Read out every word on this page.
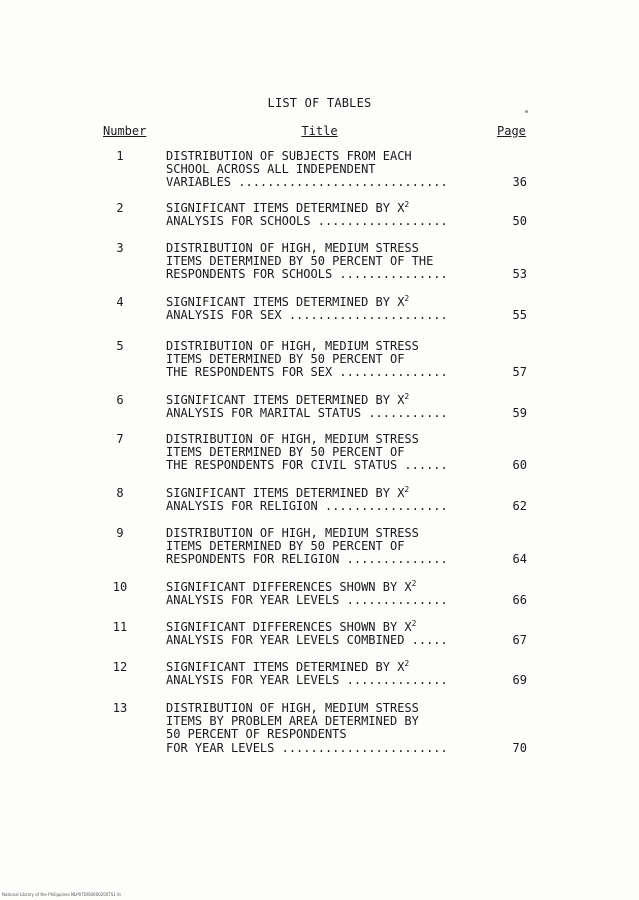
LIST OF TABLES
Number	Title	Page
1	DISTRIBUTION OF SUBJECTS FROM EACH
SCHOOL ACROSS ALL INDEPENDENT
VARIABLES .............................	36
2	SIGNIFICANT ITEMS DETERMINED BY $X^2$
ANALYSIS FOR SCHOOLS ..................	50
3	DISTRIBUTION OF HIGH, MEDIUM STRESS
ITEMS DETERMINED BY 50 PERCENT OF THE
RESPONDENTS FOR SCHOOLS ...............	53
4	SIGNIFICANT ITEMS DETERMINED BY $X^2$
ANALYSIS FOR SEX ......................	55
5	DISTRIBUTION OF HIGH, MEDIUM STRESS
ITEMS DETERMINED BY 50 PERCENT OF
THE RESPONDENTS FOR SEX ...............	57
6	SIGNIFICANT ITEMS DETERMINED BY $X^2$
ANALYSIS FOR MARITAL STATUS ...........	59
7	DISTRIBUTION OF HIGH, MEDIUM STRESS
ITEMS DETERMINED BY 50 PERCENT OF
THE RESPONDENTS FOR CIVIL STATUS ......	60
8	SIGNIFICANT ITEMS DETERMINED BY $X^2$
ANALYSIS FOR RELIGION .................	62
9	DISTRIBUTION OF HIGH, MEDIUM STRESS
ITEMS DETERMINED BY 50 PERCENT OF
RESPONDENTS FOR RELIGION ..............	64
10	SIGNIFICANT DIFFERENCES SHOWN BY $X^2$
ANALYSIS FOR YEAR LEVELS ..............	66
11	SIGNIFICANT DIFFERENCES SHOWN BY $X^2$
ANALYSIS FOR YEAR LEVELS COMBINED .....	67
12	SIGNIFICANT ITEMS DETERMINED BY $X^2$
ANALYSIS FOR YEAR LEVELS ..............	69
13	DISTRIBUTION OF HIGH, MEDIUM STRESS
ITEMS BY PROBLEM AREA DETERMINED BY
50 PERCENT OF RESPONDENTS
FOR YEAR LEVELS .......................	70
National Library of the Philippines NLP07DIS0000200TS1 lit
